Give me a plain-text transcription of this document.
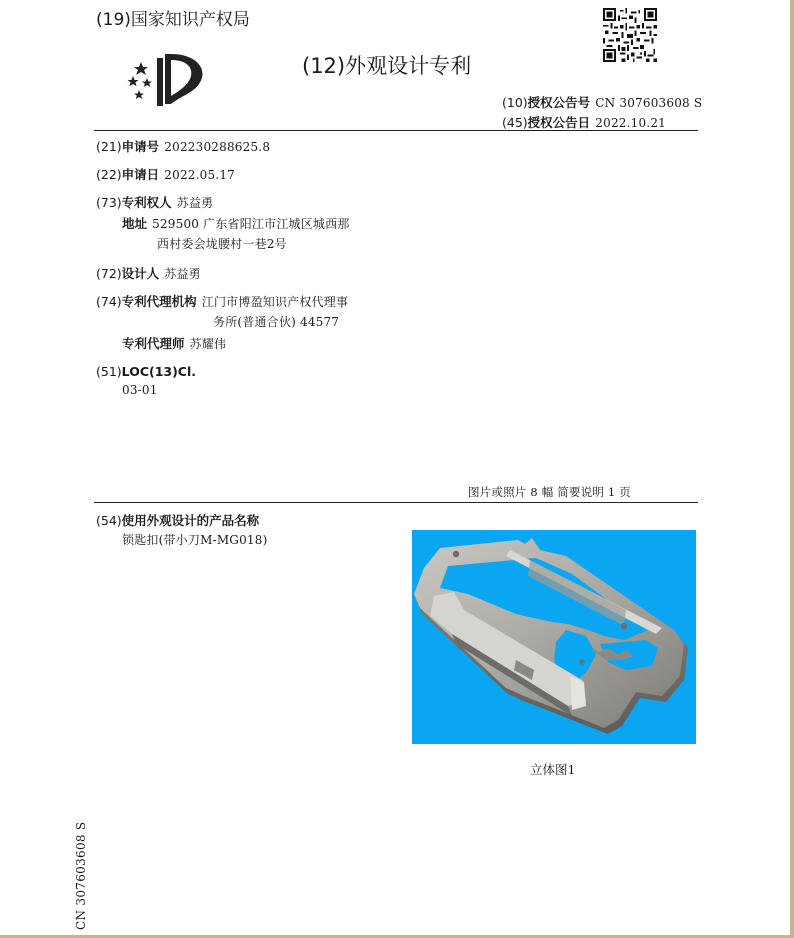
(19)国家知识产权局
(12)外观设计专利
(10)授权公告号 CN 307603608 S
(45)授权公告日 2022.10.21
(21)申请号 202230288625.8
(22)申请日 2022.05.17
(73)专利权人 苏益勇
地址 529500 广东省阳江市江城区城西那
西村委会垅腰村一巷2号
(72)设计人 苏益勇
(74)专利代理机构 江门市博盈知识产权代理事
务所(普通合伙) 44577
专利代理师 苏耀伟
(51)LOC(13)Cl.
03-01
图片或照片 8 幅 简要说明 1 页
(54)使用外观设计的产品名称
锁匙扣(带小刀M-MG018)
立体图1
CN 307603608 S
